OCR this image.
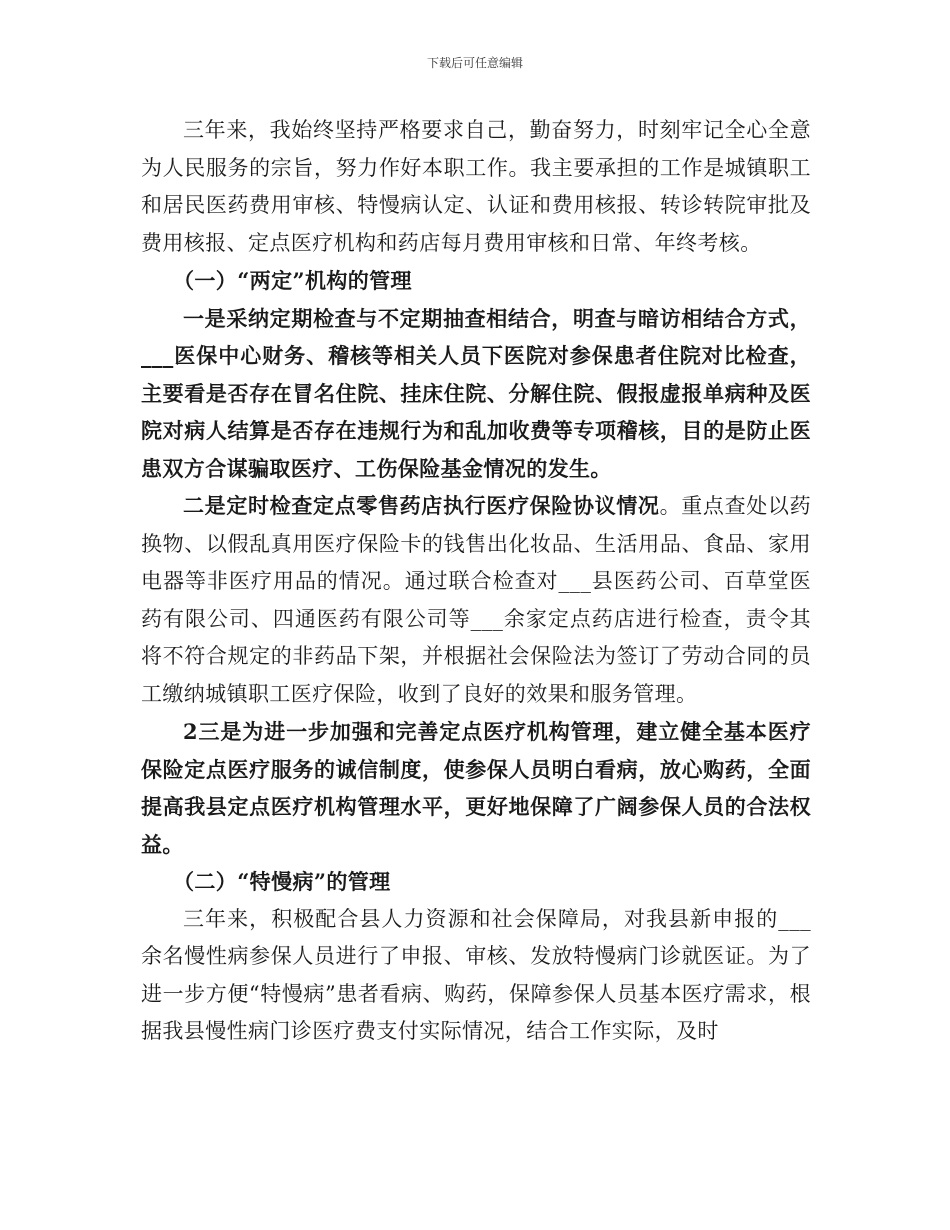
下载后可任意编辑

三年来，我始终坚持严格要求自己，勤奋努力，时刻牢记全心全意为人民服务的宗旨，努力作好本职工作。我主要承担的工作是城镇职工和居民医药费用审核、特慢病认定、认证和费用核报、转诊转院审批及费用核报、定点医疗机构和药店每月费用审核和日常、年终考核。

（一）“两定”机构的管理

一是采纳定期检查与不定期抽查相结合，明查与暗访相结合方式，___医保中心财务、稽核等相关人员下医院对参保患者住院对比检查，主要看是否存在冒名住院、挂床住院、分解住院、假报虚报单病种及医院对病人结算是否存在违规行为和乱加收费等专项稽核，目的是防止医患双方合谋骗取医疗、工伤保险基金情况的发生。

二是定时检查定点零售药店执行医疗保险协议情况。重点查处以药换物、以假乱真用医疗保险卡的钱售出化妆品、生活用品、食品、家用电器等非医疗用品的情况。通过联合检查对___县医药公司、百草堂医药有限公司、四通医药有限公司等___余家定点药店进行检查，责令其将不符合规定的非药品下架，并根据社会保险法为签订了劳动合同的员工缴纳城镇职工医疗保险，收到了良好的效果和服务管理。

2三是为进一步加强和完善定点医疗机构管理，建立健全基本医疗保险定点医疗服务的诚信制度，使参保人员明白看病，放心购药，全面提高我县定点医疗机构管理水平，更好地保障了广阔参保人员的合法权益。

（二）“特慢病”的管理

三年来，积极配合县人力资源和社会保障局，对我县新申报的___余名慢性病参保人员进行了申报、审核、发放特慢病门诊就医证。为了进一步方便“特慢病”患者看病、购药，保障参保人员基本医疗需求，根据我县慢性病门诊医疗费支付实际情况，结合工作实际，及时
